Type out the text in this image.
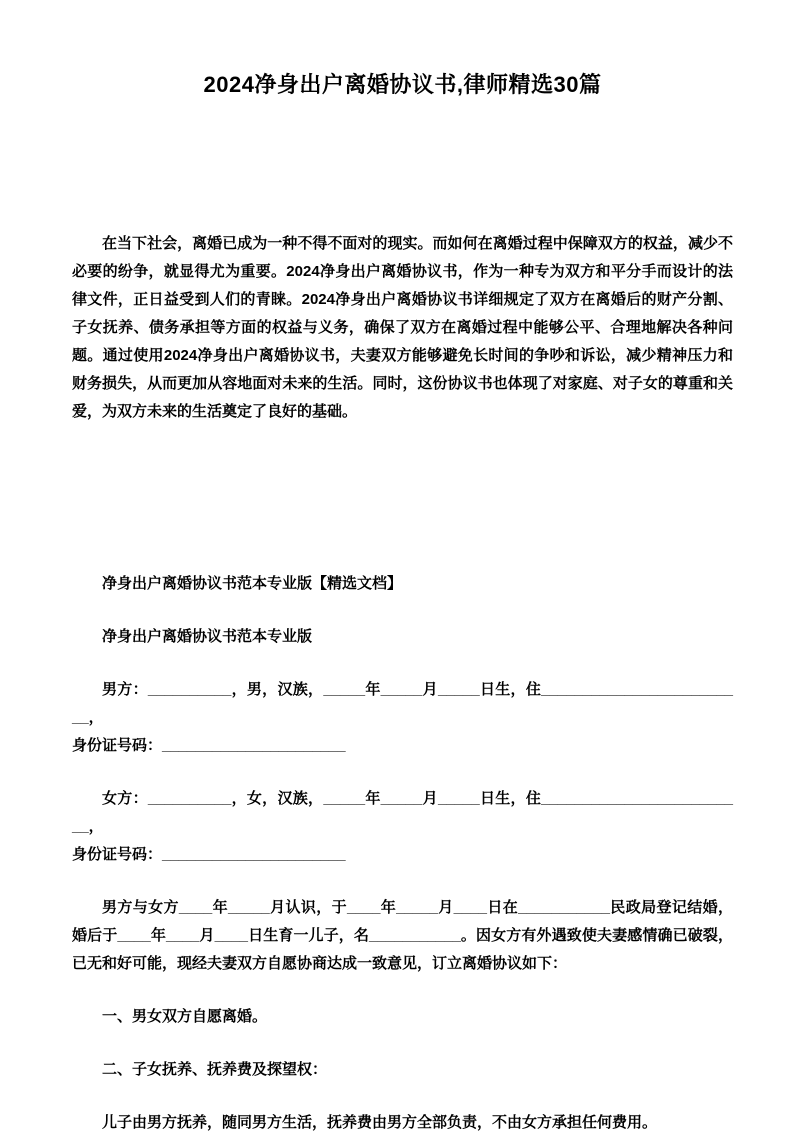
2024净身出户离婚协议书,律师精选30篇

在当下社会，离婚已成为一种不得不面对的现实。而如何在离婚过程中保障双方的权益，减少不必要的纷争，就显得尤为重要。2024净身出户离婚协议书，作为一种专为双方和平分手而设计的法律文件，正日益受到人们的青睐。2024净身出户离婚协议书详细规定了双方在离婚后的财产分割、子女抚养、债务承担等方面的权益与义务，确保了双方在离婚过程中能够公平、合理地解决各种问题。通过使用2024净身出户离婚协议书，夫妻双方能够避免长时间的争吵和诉讼，减少精神压力和财务损失，从而更加从容地面对未来的生活。同时，这份协议书也体现了对家庭、对子女的尊重和关爱，为双方未来的生活奠定了良好的基础。

净身出户离婚协议书范本专业版【精选文档】

净身出户离婚协议书范本专业版

男方：__________，男，汉族，_____年_____月_____日生，住_________________________，
身份证号码：______________________
女方：__________，女，汉族，_____年_____月_____日生，住_________________________，
身份证号码：______________________

男方与女方____年_____月认识，于____年_____月____日在___________民政局登记结婚，婚后于____年____月____日生育一儿子，名___________。因女方有外遇致使夫妻感情确已破裂，已无和好可能，现经夫妻双方自愿协商达成一致意见，订立离婚协议如下：

一、男女双方自愿离婚。

二、子女抚养、抚养费及探望权：

儿子由男方抚养，随同男方生活，抚养费由男方全部负责，不由女方承担任何费用。
